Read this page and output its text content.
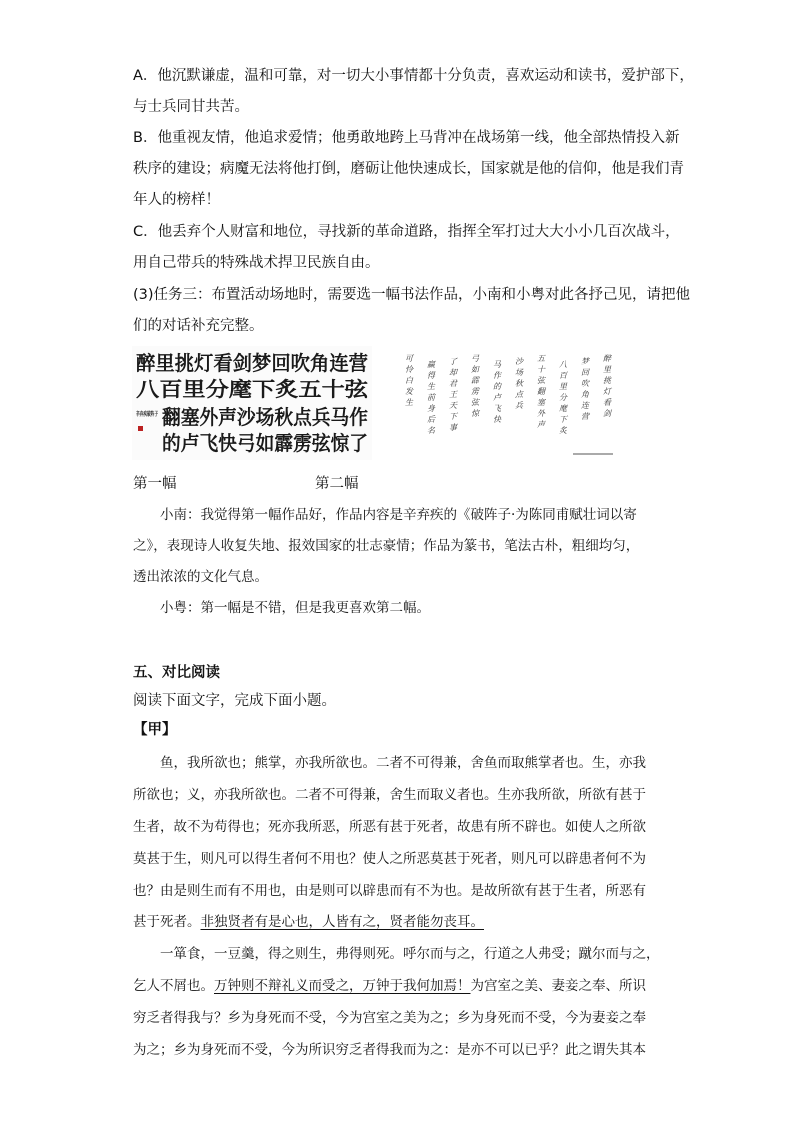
A．他沉默谦虚，温和可靠，对一切大小事情都十分负责，喜欢运动和读书，爱护部下，
与士兵同甘共苦。
B．他重视友情，他追求爱情；他勇敢地跨上马背冲在战场第一线，他全部热情投入新
秩序的建设；病魔无法将他打倒，磨砺让他快速成长，国家就是他的信仰，他是我们青
年人的榜样！
C．他丢弃个人财富和地位，寻找新的革命道路，指挥全军打过大大小小几百次战斗，
用自己带兵的特殊战术捍卫民族自由。
(3)任务三：布置活动场地时，需要选一幅书法作品，小南和小粤对此各抒己见，请把他
们的对话补充完整。
醉里挑灯看剑梦回吹角连营
八百里分麾下炙五十弦
翻塞外声沙场秋点兵马作
的卢飞快弓如霹雳弦惊了
辛弃疾破阵子
醉
里
挑
灯
看
剑
梦
回
吹
角
连
营
八
百
里
分
麾
下
炙
五
十
弦
翻
塞
外
声
沙
场
秋
点
兵
马
作
的
卢
飞
快
弓
如
霹
雳
弦
惊
了
却
君
王
天
下
事
赢
得
生
前
身
后
名
可
怜
白
发
生
第一幅	第二幅
小南：我觉得第一幅作品好，作品内容是辛弃疾的《破阵子·为陈同甫赋壮词以寄
之》，表现诗人收复失地、报效国家的壮志豪情；作品为篆书，笔法古朴，粗细均匀，
透出浓浓的文化气息。
小粤：第一幅是不错，但是我更喜欢第二幅。
五、对比阅读
阅读下面文字，完成下面小题。
【甲】
鱼，我所欲也；熊掌，亦我所欲也。二者不可得兼，舍鱼而取熊掌者也。生，亦我
所欲也；义，亦我所欲也。二者不可得兼，舍生而取义者也。生亦我所欲，所欲有甚于
生者，故不为苟得也；死亦我所恶，所恶有甚于死者，故患有所不辟也。如使人之所欲
莫甚于生，则凡可以得生者何不用也？使人之所恶莫甚于死者，则凡可以辟患者何不为
也？由是则生而有不用也，由是则可以辟患而有不为也。是故所欲有甚于生者，所恶有
甚于死者。非独贤者有是心也，人皆有之，贤者能勿丧耳。
一箪食，一豆羹，得之则生，弗得则死。呼尔而与之，行道之人弗受；蹴尔而与之，
乞人不屑也。万钟则不辩礼义而受之，万钟于我何加焉！为宫室之美、妻妾之奉、所识
穷乏者得我与？乡为身死而不受，今为宫室之美为之；乡为身死而不受，今为妻妾之奉
为之；乡为身死而不受，今为所识穷乏者得我而为之：是亦不可以已乎？此之谓失其本
